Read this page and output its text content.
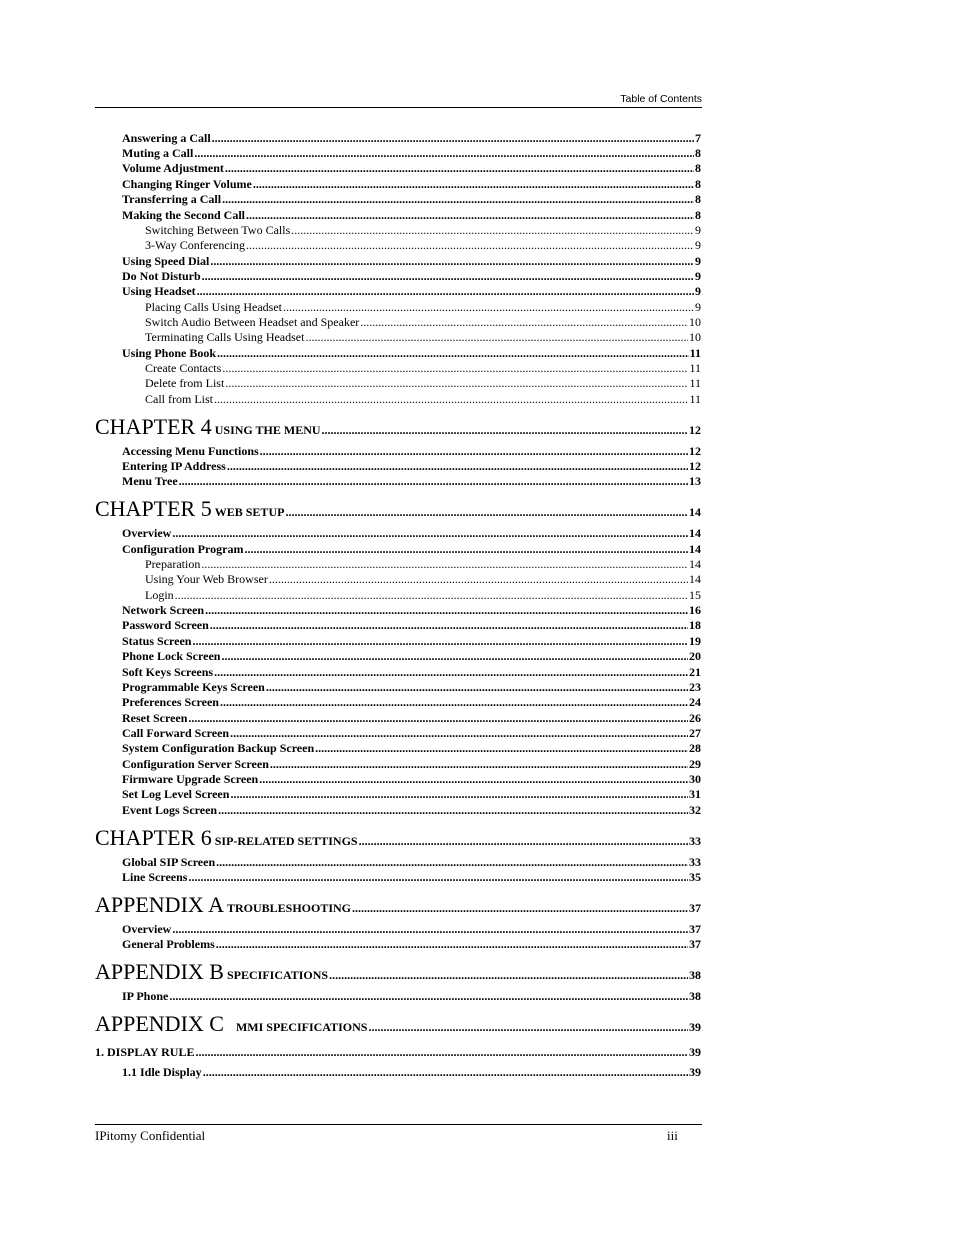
Table of Contents
Answering a Call .....	7
Muting a Call .....	8
Volume Adjustment .....	8
Changing Ringer Volume .....	8
Transferring a Call .....	8
Making the Second Call .....	8
Switching Between Two Calls .....	9
3-Way Conferencing .....	9
Using Speed Dial .....	9
Do Not Disturb .....	9
Using Headset .....	9
Placing Calls Using Headset .....	9
Switch Audio Between Headset and Speaker .....	10
Terminating Calls Using Headset .....	10
Using Phone Book .....	11
Create Contacts .....	11
Delete from List .....	11
Call from List .....	11
CHAPTER 4 USING THE MENU .....	12
Accessing Menu Functions .....	12
Entering IP Address .....	12
Menu Tree .....	13
CHAPTER 5 WEB SETUP .....	14
Overview .....	14
Configuration Program .....	14
Preparation .....	14
Using Your Web Browser .....	14
Login .....	15
Network Screen .....	16
Password Screen .....	18
Status Screen .....	19
Phone Lock Screen .....	20
Soft Keys Screens .....	21
Programmable Keys Screen .....	23
Preferences Screen .....	24
Reset Screen .....	26
Call Forward Screen .....	27
System Configuration Backup Screen .....	28
Configuration Server Screen .....	29
Firmware Upgrade Screen .....	30
Set Log Level Screen .....	31
Event Logs Screen .....	32
CHAPTER 6 SIP-RELATED SETTINGS .....	33
Global SIP Screen .....	33
Line Screens .....	35
APPENDIX A TROUBLESHOOTING .....	37
Overview .....	37
General Problems .....	37
APPENDIX B SPECIFICATIONS .....	38
IP Phone .....	38
APPENDIX C MMI SPECIFICATIONS .....	39
1. DISPLAY RULE .....	39
1.1 Idle Display .....	39
IPitomy Confidential	iii
